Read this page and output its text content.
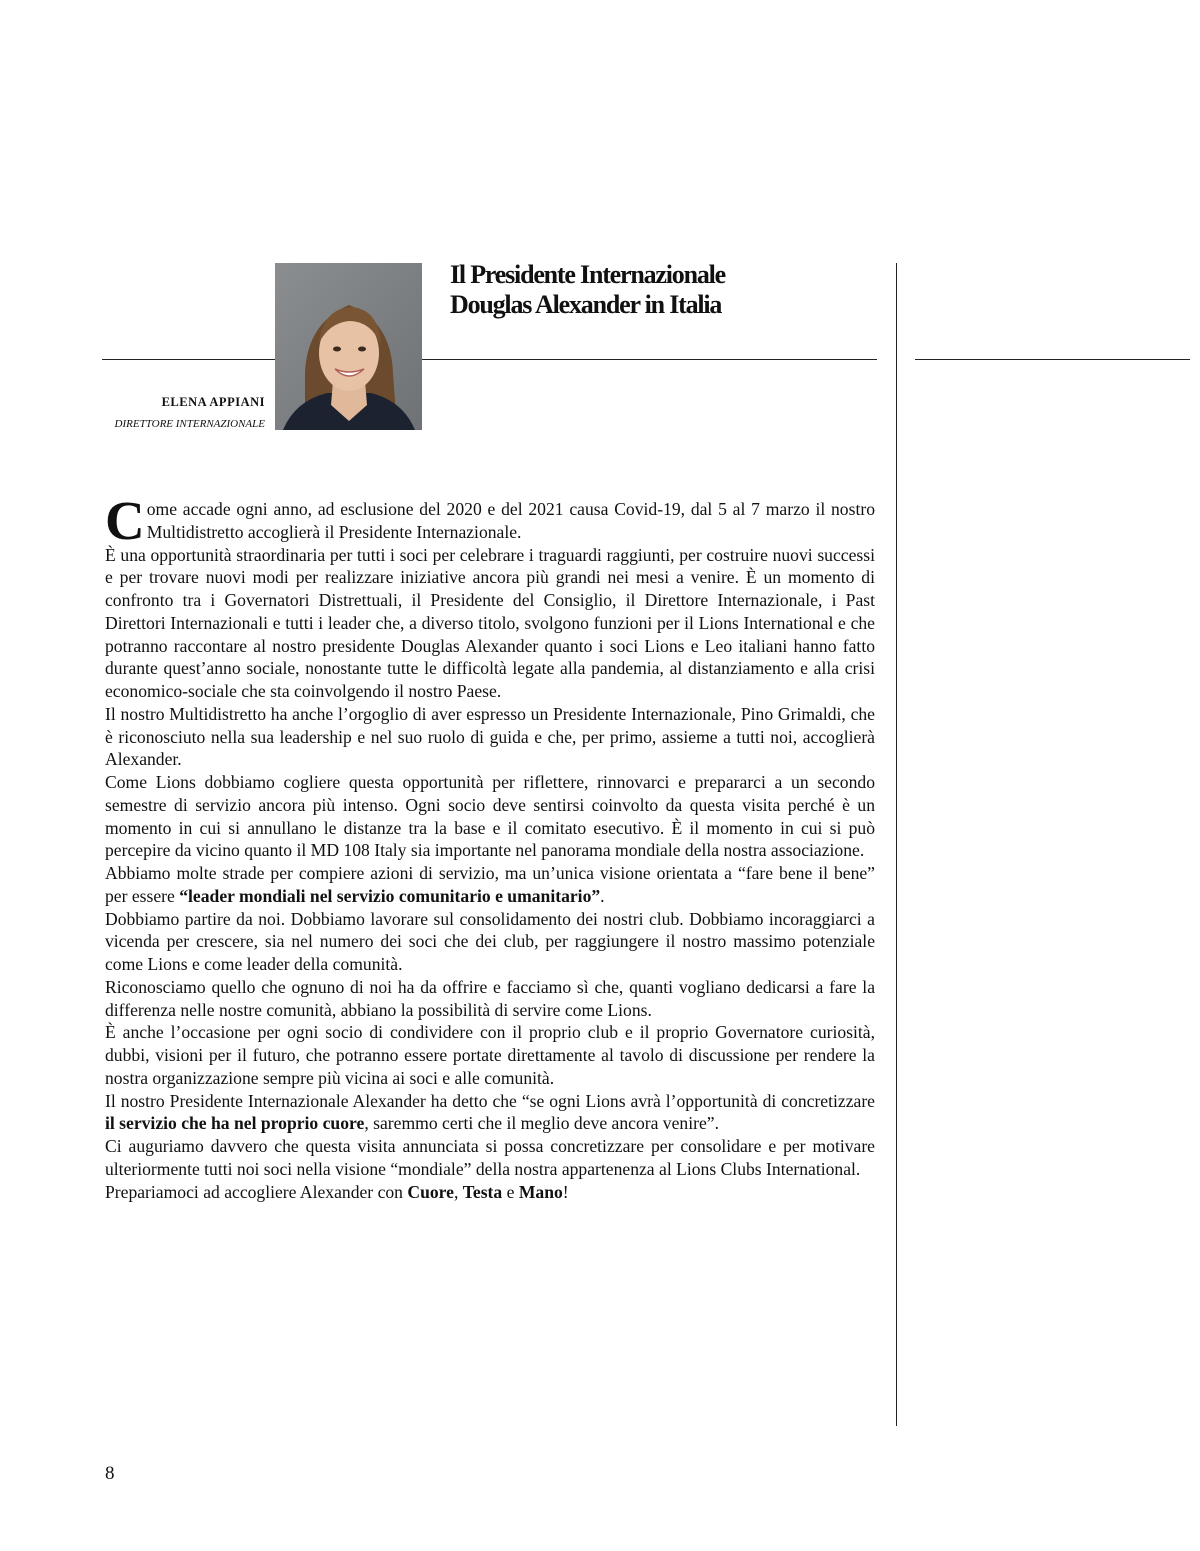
Il Presidente Internazionale
Douglas Alexander in Italia
ELENA APPIANI
DIRETTORE INTERNAZIONALE

Come accade ogni anno, ad esclusione del 2020 e del 2021 causa Covid-19, dal 5 al 7 marzo il nostro Multidistretto accoglierà il Presidente Internazionale.

È una opportunità straordinaria per tutti i soci per celebrare i traguardi raggiunti, per costruire nuovi successi e per trovare nuovi modi per realizzare iniziative ancora più grandi nei mesi a venire. È un momento di confronto tra i Governatori Distrettuali, il Presidente del Consiglio, il Direttore Internazionale, i Past Direttori Internazionali e tutti i leader che, a diverso titolo, svolgono funzioni per il Lions International e che potranno raccontare al nostro presidente Douglas Alexander quanto i soci Lions e Leo italiani hanno fatto durante quest’anno sociale, nonostante tutte le difficoltà legate alla pandemia, al distanziamento e alla crisi economico-sociale che sta coinvolgendo il nostro Paese.

Il nostro Multidistretto ha anche l’orgoglio di aver espresso un Presidente Internazionale, Pino Grimaldi, che è riconosciuto nella sua leadership e nel suo ruolo di guida e che, per primo, assieme a tutti noi, accoglierà Alexander.

Come Lions dobbiamo cogliere questa opportunità per riflettere, rinnovarci e prepararci a un secondo semestre di servizio ancora più intenso. Ogni socio deve sentirsi coinvolto da questa visita perché è un momento in cui si annullano le distanze tra la base e il comitato esecutivo. È il momento in cui si può percepire da vicino quanto il MD 108 Italy sia importante nel panorama mondiale della nostra associazione.

Abbiamo molte strade per compiere azioni di servizio, ma un’unica visione orientata a “fare bene il bene” per essere “leader mondiali nel servizio comunitario e umanitario”.

Dobbiamo partire da noi. Dobbiamo lavorare sul consolidamento dei nostri club. Dobbiamo incoraggiarci a vicenda per crescere, sia nel numero dei soci che dei club, per raggiungere il nostro massimo potenziale come Lions e come leader della comunità.

Riconosciamo quello che ognuno di noi ha da offrire e facciamo sì che, quanti vogliano dedicarsi a fare la differenza nelle nostre comunità, abbiano la possibilità di servire come Lions.

È anche l’occasione per ogni socio di condividere con il proprio club e il proprio Governatore curiosità, dubbi, visioni per il futuro, che potranno essere portate direttamente al tavolo di discussione per rendere la nostra organizzazione sempre più vicina ai soci e alle comunità.

Il nostro Presidente Internazionale Alexander ha detto che “se ogni Lions avrà l’opportunità di concretizzare il servizio che ha nel proprio cuore, saremmo certi che il meglio deve ancora venire”.

Ci auguriamo davvero che questa visita annunciata si possa concretizzare per consolidare e per motivare ulteriormente tutti noi soci nella visione “mondiale” della nostra appartenenza al Lions Clubs International.

Prepariamoci ad accogliere Alexander con Cuore, Testa e Mano!

8
